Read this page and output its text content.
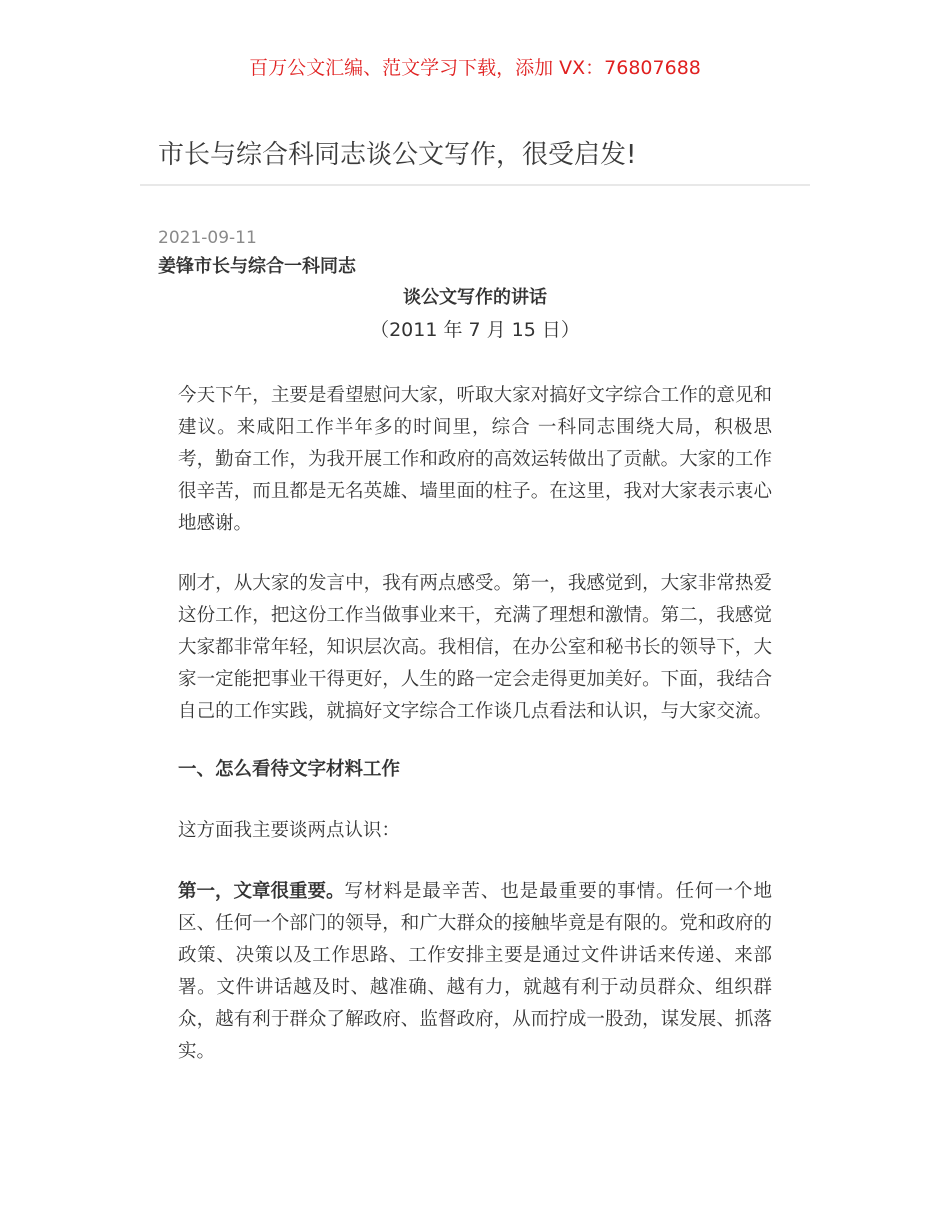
百万公文汇编、范文学习下载，添加 VX：76807688
市长与综合科同志谈公文写作，很受启发!
2021-09-11
姜锋市长与综合一科同志
谈公文写作的讲话
（2011 年 7 月 15 日）
今天下午，主要是看望慰问大家，听取大家对搞好文字综合工作的意见和
建议。来咸阳工作半年多的时间里，综合 一科同志围绕大局，积极思
考，勤奋工作，为我开展工作和政府的高效运转做出了贡献。大家的工作
很辛苦，而且都是无名英雄、墙里面的柱子。在这里，我对大家表示衷心
地感谢。
刚才，从大家的发言中，我有两点感受。第一，我感觉到，大家非常热爱
这份工作，把这份工作当做事业来干，充满了理想和激情。第二，我感觉
大家都非常年轻，知识层次高。我相信，在办公室和秘书长的领导下，大
家一定能把事业干得更好，人生的路一定会走得更加美好。下面，我结合
自己的工作实践，就搞好文字综合工作谈几点看法和认识，与大家交流。
一、怎么看待文字材料工作
这方面我主要谈两点认识：
第一，文章很重要。 写材料是最辛苦、也是最重要的事情。任何一个地
区、任何一个部门的领导，和广大群众的接触毕竟是有限的。党和政府的
政策、决策以及工作思路、工作安排主要是通过文件讲话来传递、来部
署。文件讲话越及时、越准确、越有力，就越有利于动员群众、组织群
众，越有利于群众了解政府、监督政府，从而拧成一股劲，谋发展、抓落
实。
